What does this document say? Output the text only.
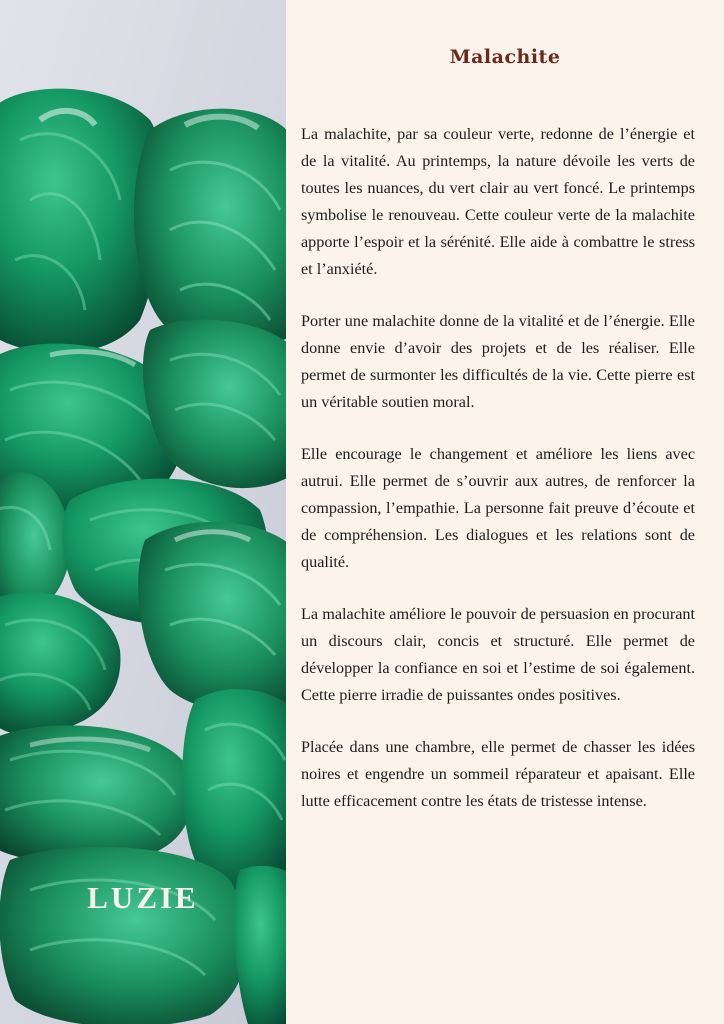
LUZIE
Malachite

La malachite, par sa couleur verte, redonne de l’énergie et de la vitalité. Au printemps, la nature dévoile les verts de toutes les nuances, du vert clair au vert foncé. Le printemps symbolise le renouveau. Cette couleur verte de la malachite apporte l’espoir et la sérénité. Elle aide à combattre le stress et l’anxiété.

Porter une malachite donne de la vitalité et de l’énergie. Elle donne envie d’avoir des projets et de les réaliser. Elle permet de surmonter les difficultés de la vie. Cette pierre est un véritable soutien moral.

Elle encourage le changement et améliore les liens avec autrui. Elle permet de s’ouvrir aux autres, de renforcer la compassion, l’empathie. La personne fait preuve d’écoute et de compréhension. Les dialogues et les relations sont de qualité.

La malachite améliore le pouvoir de persuasion en procurant un discours clair, concis et structuré. Elle permet de développer la confiance en soi et l’estime de soi également. Cette pierre irradie de puissantes ondes positives.

Placée dans une chambre, elle permet de chasser les idées noires et engendre un sommeil réparateur et apaisant. Elle lutte efficacement contre les états de tristesse intense.
